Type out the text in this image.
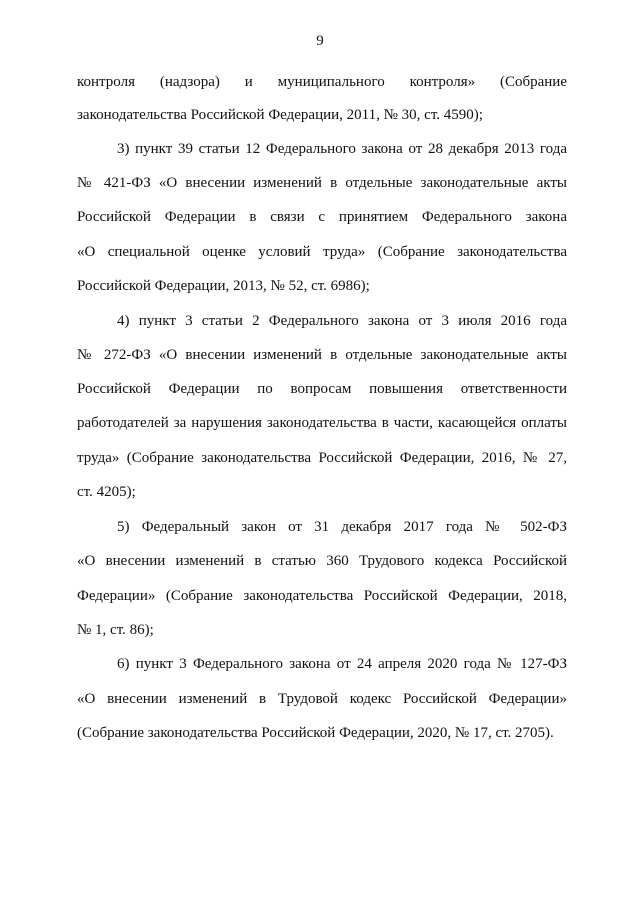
9
контроля (надзора) и муниципального контроля» (Собрание
законодательства Российской Федерации, 2011, № 30, ст. 4590);
3) пункт 39 статьи 12 Федерального закона от 28 декабря 2013 года
№ 421-ФЗ «О внесении изменений в отдельные законодательные акты
Российской Федерации в связи с принятием Федерального закона
«О специальной оценке условий труда» (Собрание законодательства
Российской Федерации, 2013, № 52, ст. 6986);
4) пункт 3 статьи 2 Федерального закона от 3 июля 2016 года
№ 272-ФЗ «О внесении изменений в отдельные законодательные акты
Российской Федерации по вопросам повышения ответственности
работодателей за нарушения законодательства в части, касающейся оплаты
труда» (Собрание законодательства Российской Федерации, 2016, № 27,
ст. 4205);
5) Федеральный закон от 31 декабря 2017 года № 502-ФЗ
«О внесении изменений в статью 360 Трудового кодекса Российской
Федерации» (Собрание законодательства Российской Федерации, 2018,
№ 1, ст. 86);
6) пункт 3 Федерального закона от 24 апреля 2020 года № 127-ФЗ
«О внесении изменений в Трудовой кодекс Российской Федерации»
(Собрание законодательства Российской Федерации, 2020, № 17, ст. 2705).
